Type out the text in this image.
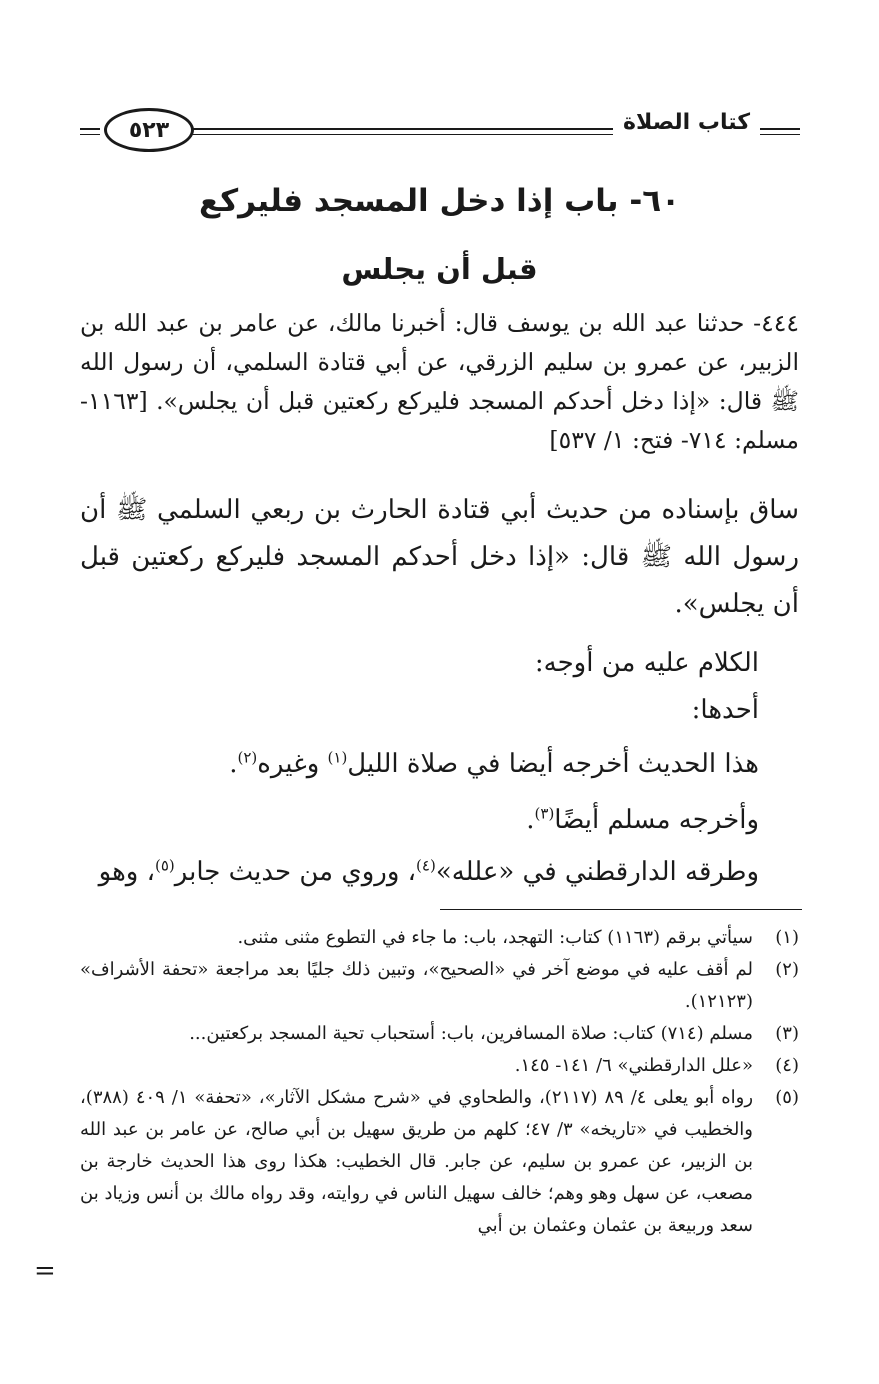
كتاب الصلاة
٥٢٣
٦٠- باب إذا دخل المسجد فليركع
قبل أن يجلس
٤٤٤- حدثنا عبد الله بن يوسف قال: أخبرنا مالك، عن عامر بن عبد الله بن الزبير، عن عمرو بن سليم الزرقي، عن أبي قتادة السلمي، أن رسول الله ﷺ قال: «إذا دخل أحدكم المسجد فليركع ركعتين قبل أن يجلس». [١١٦٣- مسلم: ٧١٤- فتح: ١/ ٥٣٧]
ساق بإسناده من حديث أبي قتادة الحارث بن ربعي السلمي ﷺ أن رسول الله ﷺ قال: «إذا دخل أحدكم المسجد فليركع ركعتين قبل أن يجلس».
الكلام عليه من أوجه:
أحدها:
هذا الحديث أخرجه أيضا في صلاة الليل$^{(١)}$ وغيره$^{(٢)}$.
وأخرجه مسلم أيضًا$^{(٣)}$.
وطرقه الدارقطني في «علله»$^{(٤)}$، وروي من حديث جابر$^{(٥)}$، وهو
(١)
سيأتي برقم (١١٦٣) كتاب: التهجد، باب: ما جاء في التطوع مثنى مثنى.
(٢)
لم أقف عليه في موضع آخر في «الصحيح»، وتبين ذلك جليًا بعد مراجعة «تحفة الأشراف» (١٢١٢٣).
(٣)
مسلم (٧١٤) كتاب: صلاة المسافرين، باب: أستحباب تحية المسجد بركعتين...
(٤)
«علل الدارقطني» ٦/ ١٤١- ١٤٥.
(٥)
رواه أبو يعلى ٤/ ٨٩ (٢١١٧)، والطحاوي في «شرح مشكل الآثار»، «تحفة» ١/ ٤٠٩ (٣٨٨)، والخطيب في «تاريخه» ٣/ ٤٧؛ كلهم من طريق سهيل بن أبي صالح، عن عامر بن عبد الله بن الزبير، عن عمرو بن سليم، عن جابر. قال الخطيب: هكذا روى هذا الحديث خارجة بن مصعب، عن سهل وهو وهم؛ خالف سهيل الناس في روايته، وقد رواه مالك بن أنس وزياد بن سعد وربيعة بن عثمان وعثمان بن أبي
=
